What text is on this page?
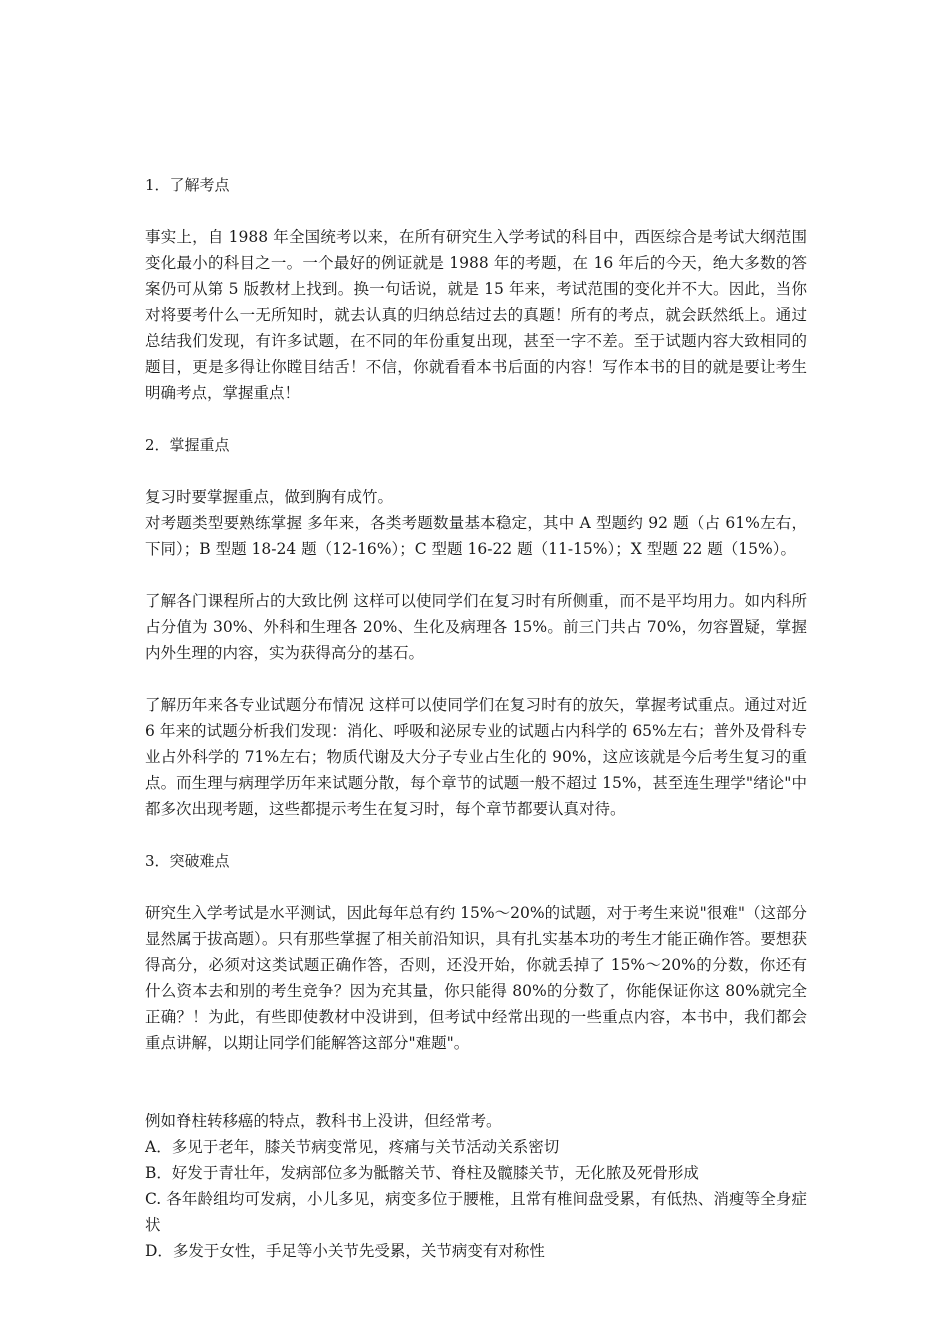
1．了解考点

事实上，自 1988 年全国统考以来，在所有研究生入学考试的科目中，西医综合是考试大纲范围变化最小的科目之一。一个最好的例证就是 1988 年的考题，在 16 年后的今天，绝大多数的答案仍可从第 5 版教材上找到。换一句话说，就是 15 年来，考试范围的变化并不大。因此，当你对将要考什么一无所知时，就去认真的归纳总结过去的真题！所有的考点，就会跃然纸上。通过总结我们发现，有许多试题，在不同的年份重复出现，甚至一字不差。至于试题内容大致相同的题目，更是多得让你瞠目结舌！不信，你就看看本书后面的内容！写作本书的目的就是要让考生明确考点，掌握重点！

2．掌握重点

复习时要掌握重点，做到胸有成竹。

对考题类型要熟练掌握 多年来，各类考题数量基本稳定，其中 A 型题约 92 题（占 61%左右，下同）；B 型题 18-24 题（12-16%）；C 型题 16-22 题（11-15%）；X 型题 22 题（15%）。

了解各门课程所占的大致比例 这样可以使同学们在复习时有所侧重，而不是平均用力。如内科所占分值为 30%、外科和生理各 20%、生化及病理各 15%。前三门共占 70%，勿容置疑，掌握内外生理的内容，实为获得高分的基石。

了解历年来各专业试题分布情况 这样可以使同学们在复习时有的放矢，掌握考试重点。通过对近 6 年来的试题分析我们发现：消化、呼吸和泌尿专业的试题占内科学的 65%左右；普外及骨科专业占外科学的 71%左右；物质代谢及大分子专业占生化的 90%，这应该就是今后考生复习的重点。而生理与病理学历年来试题分散，每个章节的试题一般不超过 15%，甚至连生理学"绪论"中都多次出现考题，这些都提示考生在复习时，每个章节都要认真对待。

3．突破难点

研究生入学考试是水平测试，因此每年总有约 15%～20%的试题，对于考生来说"很难"（这部分显然属于拔高题）。只有那些掌握了相关前沿知识，具有扎实基本功的考生才能正确作答。要想获得高分，必须对这类试题正确作答，否则，还没开始，你就丢掉了 15%～20%的分数，你还有什么资本去和别的考生竞争？因为充其量，你只能得 80%的分数了，你能保证你这 80%就完全正确？！为此，有些即使教材中没讲到，但考试中经常出现的一些重点内容，本书中，我们都会重点讲解，以期让同学们能解答这部分"难题"。

例如脊柱转移癌的特点，教科书上没讲，但经常考。

A．多见于老年，膝关节病变常见，疼痛与关节活动关系密切

B．好发于青壮年，发病部位多为骶髂关节、脊柱及髋膝关节，无化脓及死骨形成

C. 各年龄组均可发病，小儿多见，病变多位于腰椎，且常有椎间盘受累，有低热、消瘦等全身症状

D．多发于女性，手足等小关节先受累，关节病变有对称性
